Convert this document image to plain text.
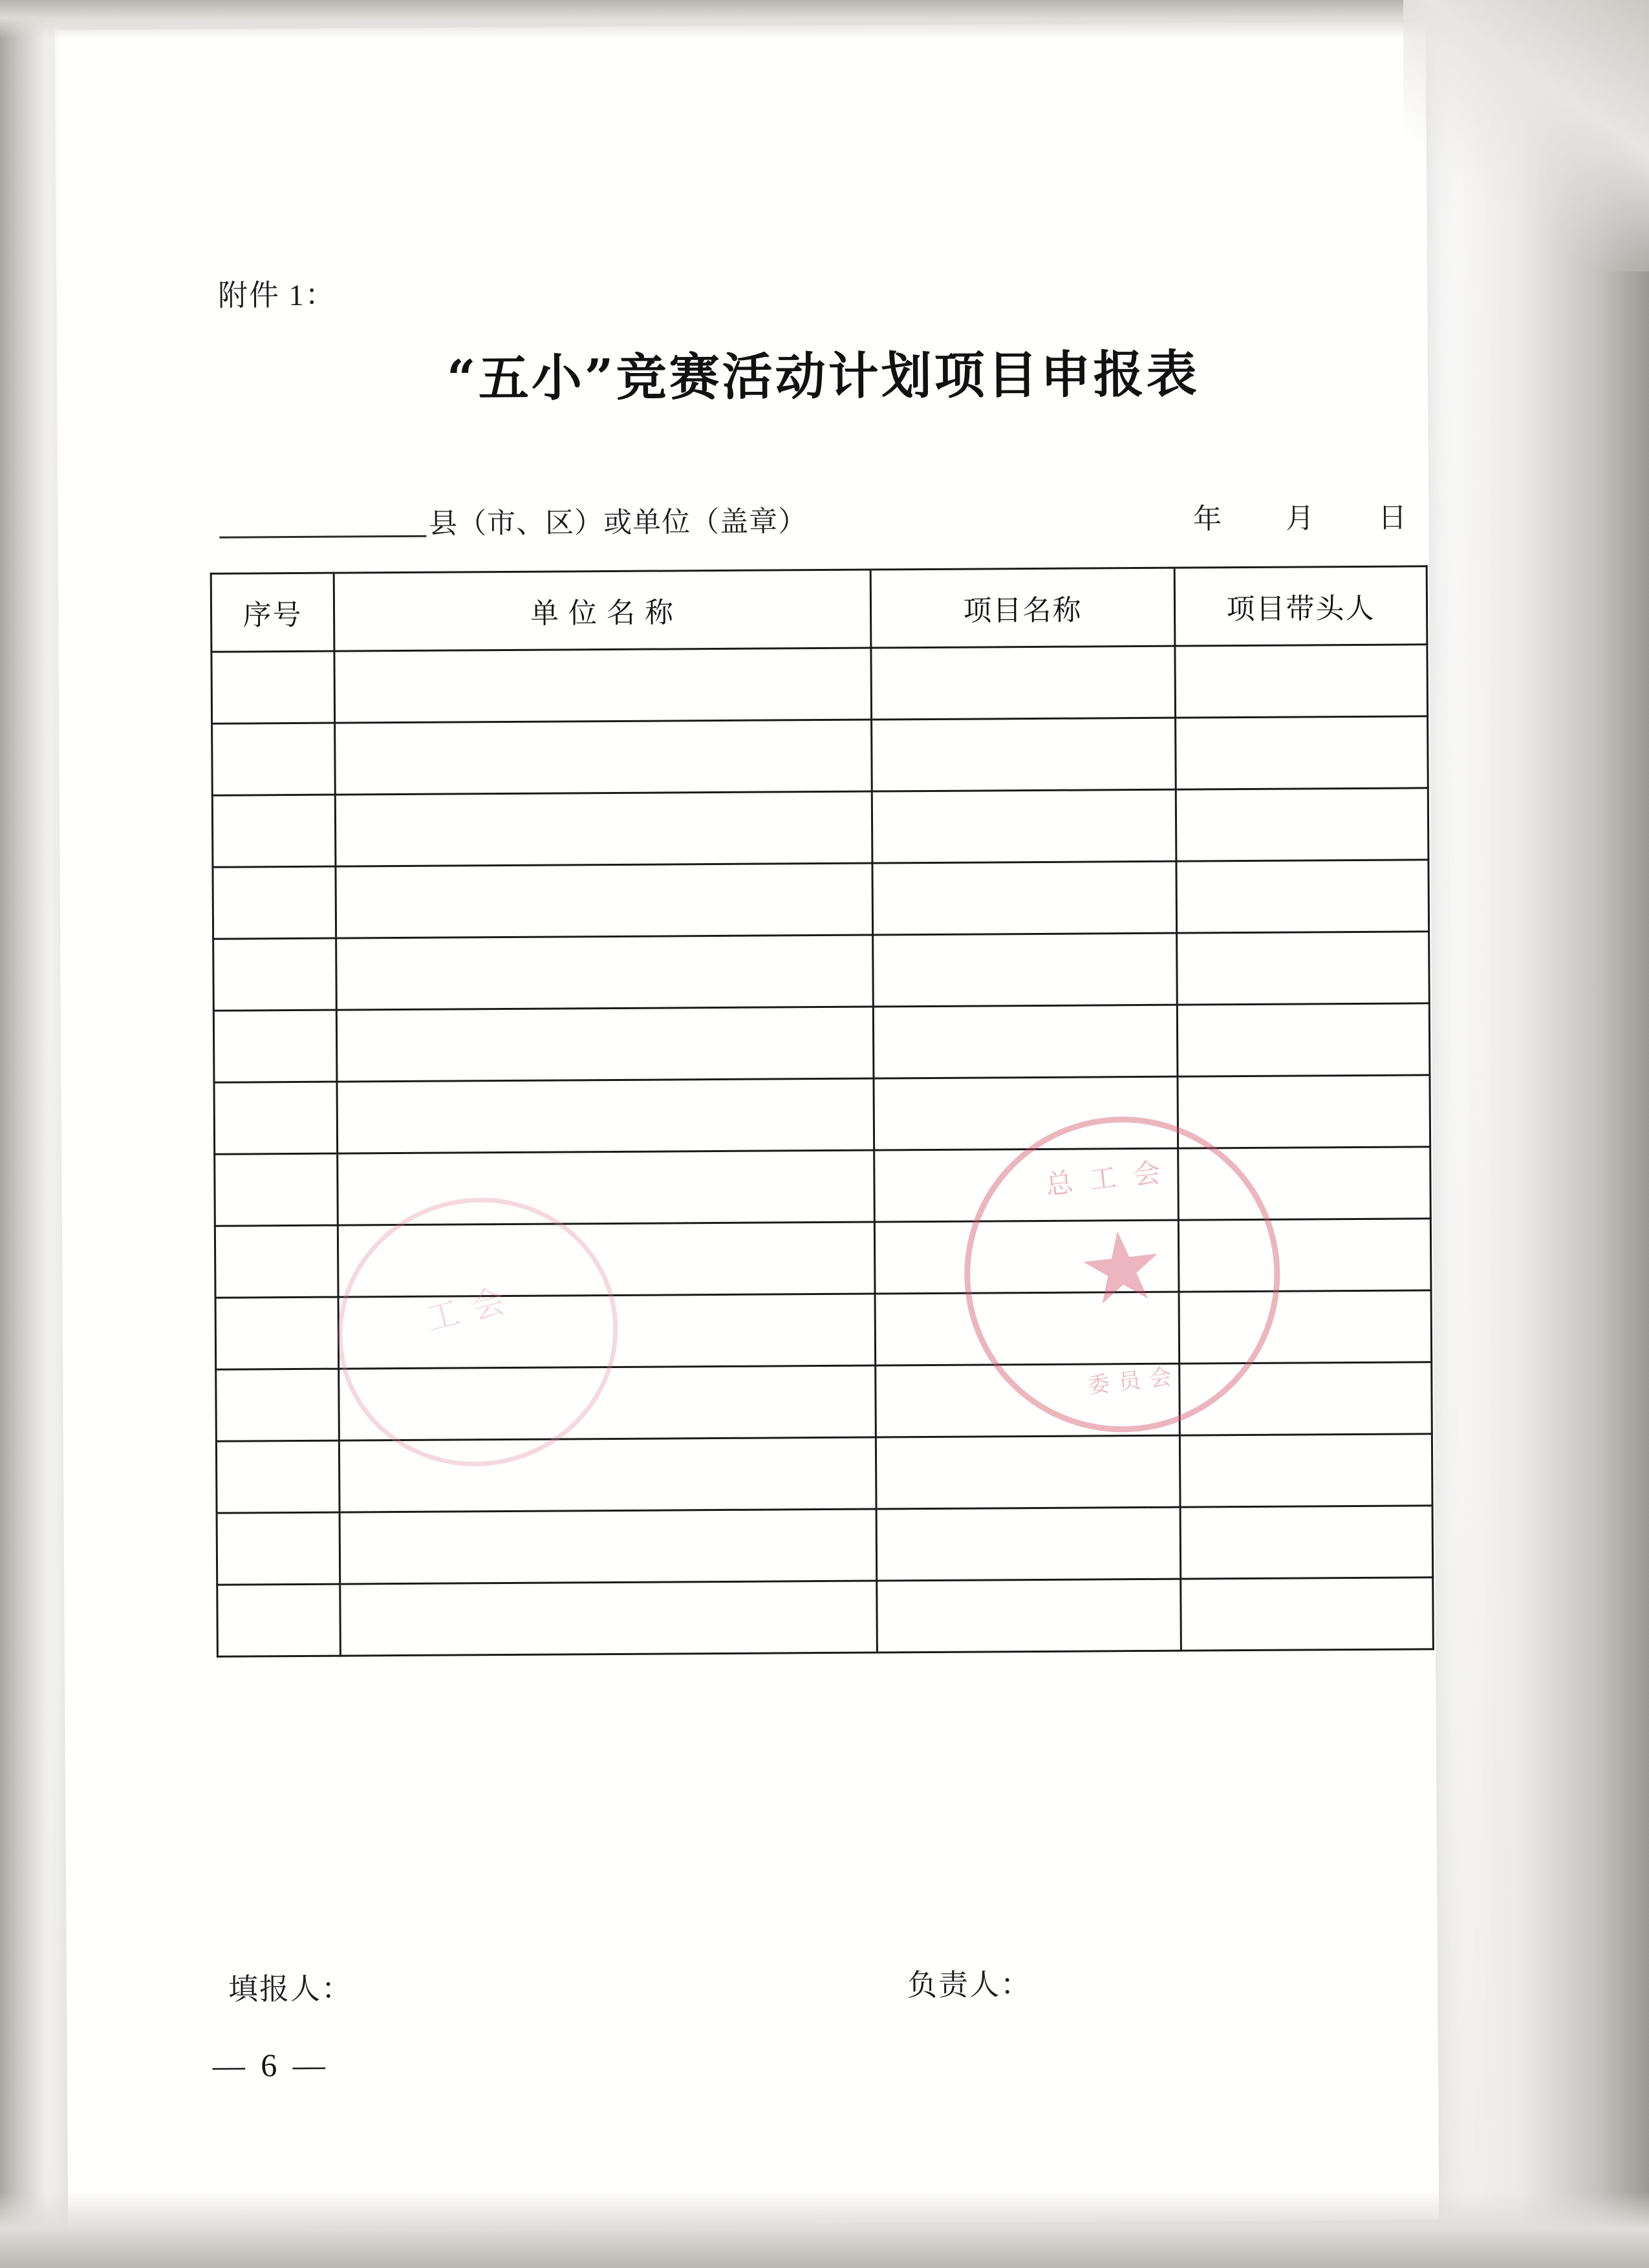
附件 1：
“五小”竞赛活动计划项目申报表
县（市、区）或单位（盖章）	年 月 日
序号	单 位 名 称	项目名称	项目带头人

填报人：	负责人：
— 6 —
总工会
★
委员会
工会
